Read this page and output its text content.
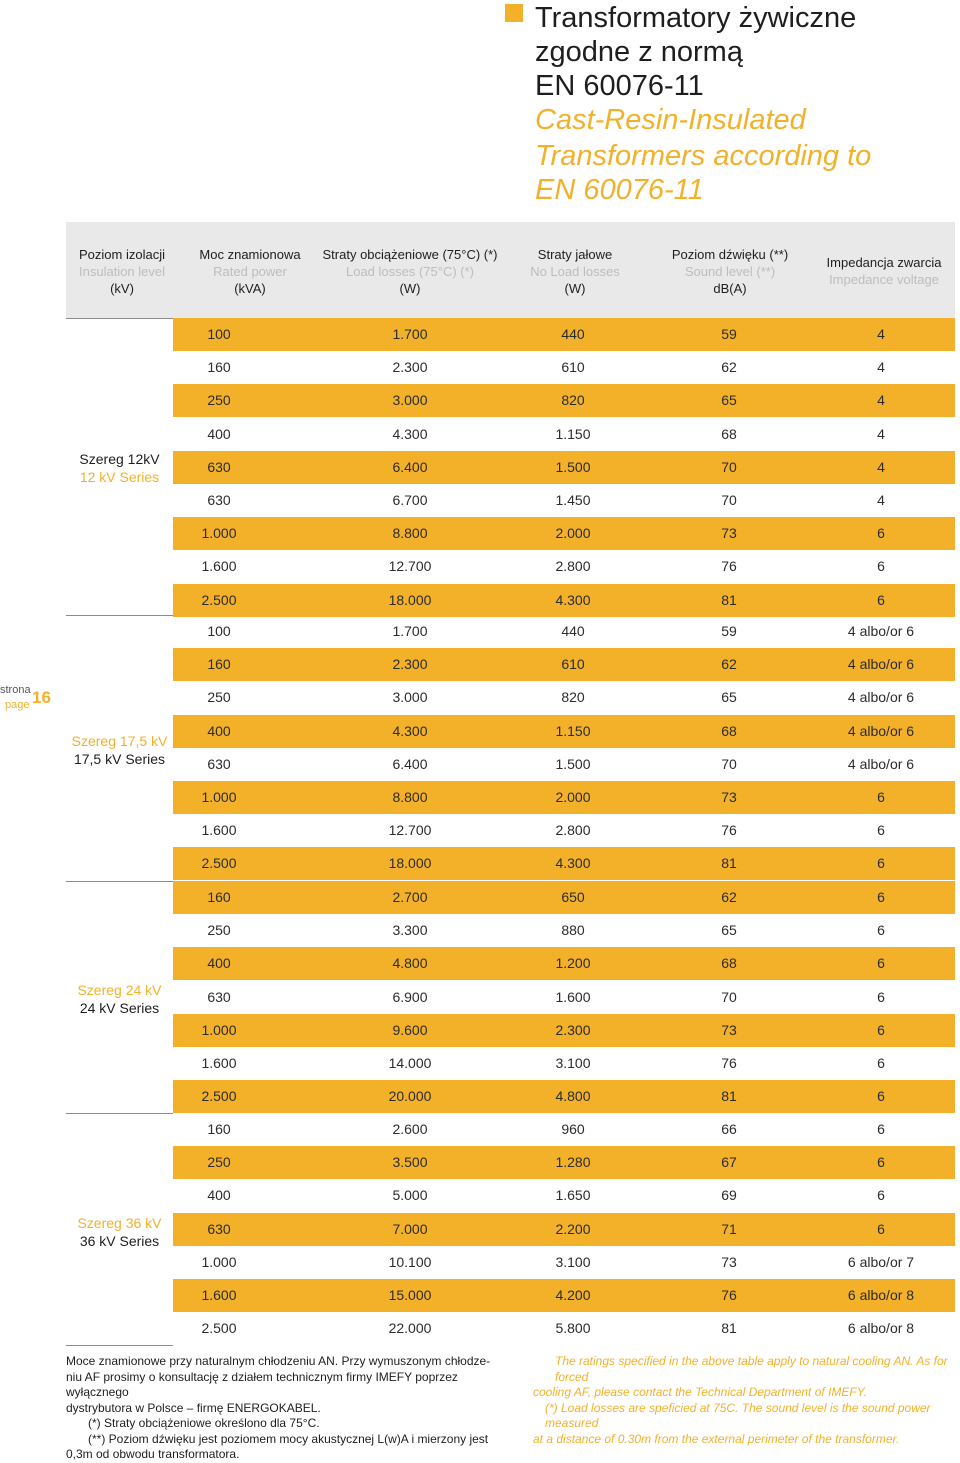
Transformatory żywiczne
zgodne z normą
EN 60076-11
Cast-Resin-Insulated
Transformers according to
EN 60076-11
Poziom izolacji
Insulation level
(kV)
Moc znamionowa
Rated power
(kVA)
Straty obciążeniowe (75°C) (*)
Load losses (75°C) (*)
(W)
Straty jałowe
No Load losses
(W)
Poziom dźwięku (**)
Sound level (**)
dB(A)
Impedancja zwarcia
Impedance voltage
Szereg 12kV
12 kV Series
Szereg 17,5 kV
17,5 kV Series
Szereg 24 kV
24 kV Series
Szereg 36 kV
36 kV Series
strona
page 16
100	1.700	440	59	4
160	2.300	610	62	4
250	3.000	820	65	4
400	4.300	1.150	68	4
630	6.400	1.500	70	4
630	6.700	1.450	70	4
1.000	8.800	2.000	73	6
1.600	12.700	2.800	76	6
2.500	18.000	4.300	81	6
100	1.700	440	59	4 albo/or 6
160	2.300	610	62	4 albo/or 6
250	3.000	820	65	4 albo/or 6
400	4.300	1.150	68	4 albo/or 6
630	6.400	1.500	70	4 albo/or 6
1.000	8.800	2.000	73	6
1.600	12.700	2.800	76	6
2.500	18.000	4.300	81	6
160	2.700	650	62	6
250	3.300	880	65	6
400	4.800	1.200	68	6
630	6.900	1.600	70	6
1.000	9.600	2.300	73	6
1.600	14.000	3.100	76	6
2.500	20.000	4.800	81	6
160	2.600	960	66	6
250	3.500	1.280	67	6
400	5.000	1.650	69	6
630	7.000	2.200	71	6
1.000	10.100	3.100	73	6 albo/or 7
1.600	15.000	4.200	76	6 albo/or 8
2.500	22.000	5.800	81	6 albo/or 8

Moce znamionowe przy naturalnym chłodzeniu AN. Przy wymuszonym chłodze-

niu AF prosimy o konsultację z działem technicznym firmy IMEFY poprzez wyłącznego

dystrybutora w Polsce – firmę ENERGOKABEL.

(*) Straty obciążeniowe określono dla 75°C.

(**) Poziom dźwięku jest poziomem mocy akustycznej L(w)A i mierzony jest

0,3m od obwodu transformatora.

The ratings specified in the above table apply to natural cooling AN. As for forced

cooling AF, please contact the Technical Department of IMEFY.

(*) Load losses are speficied at 75C. The sound level is the sound power measured

at a distance of 0.30m from the external perimeter of the transformer.
